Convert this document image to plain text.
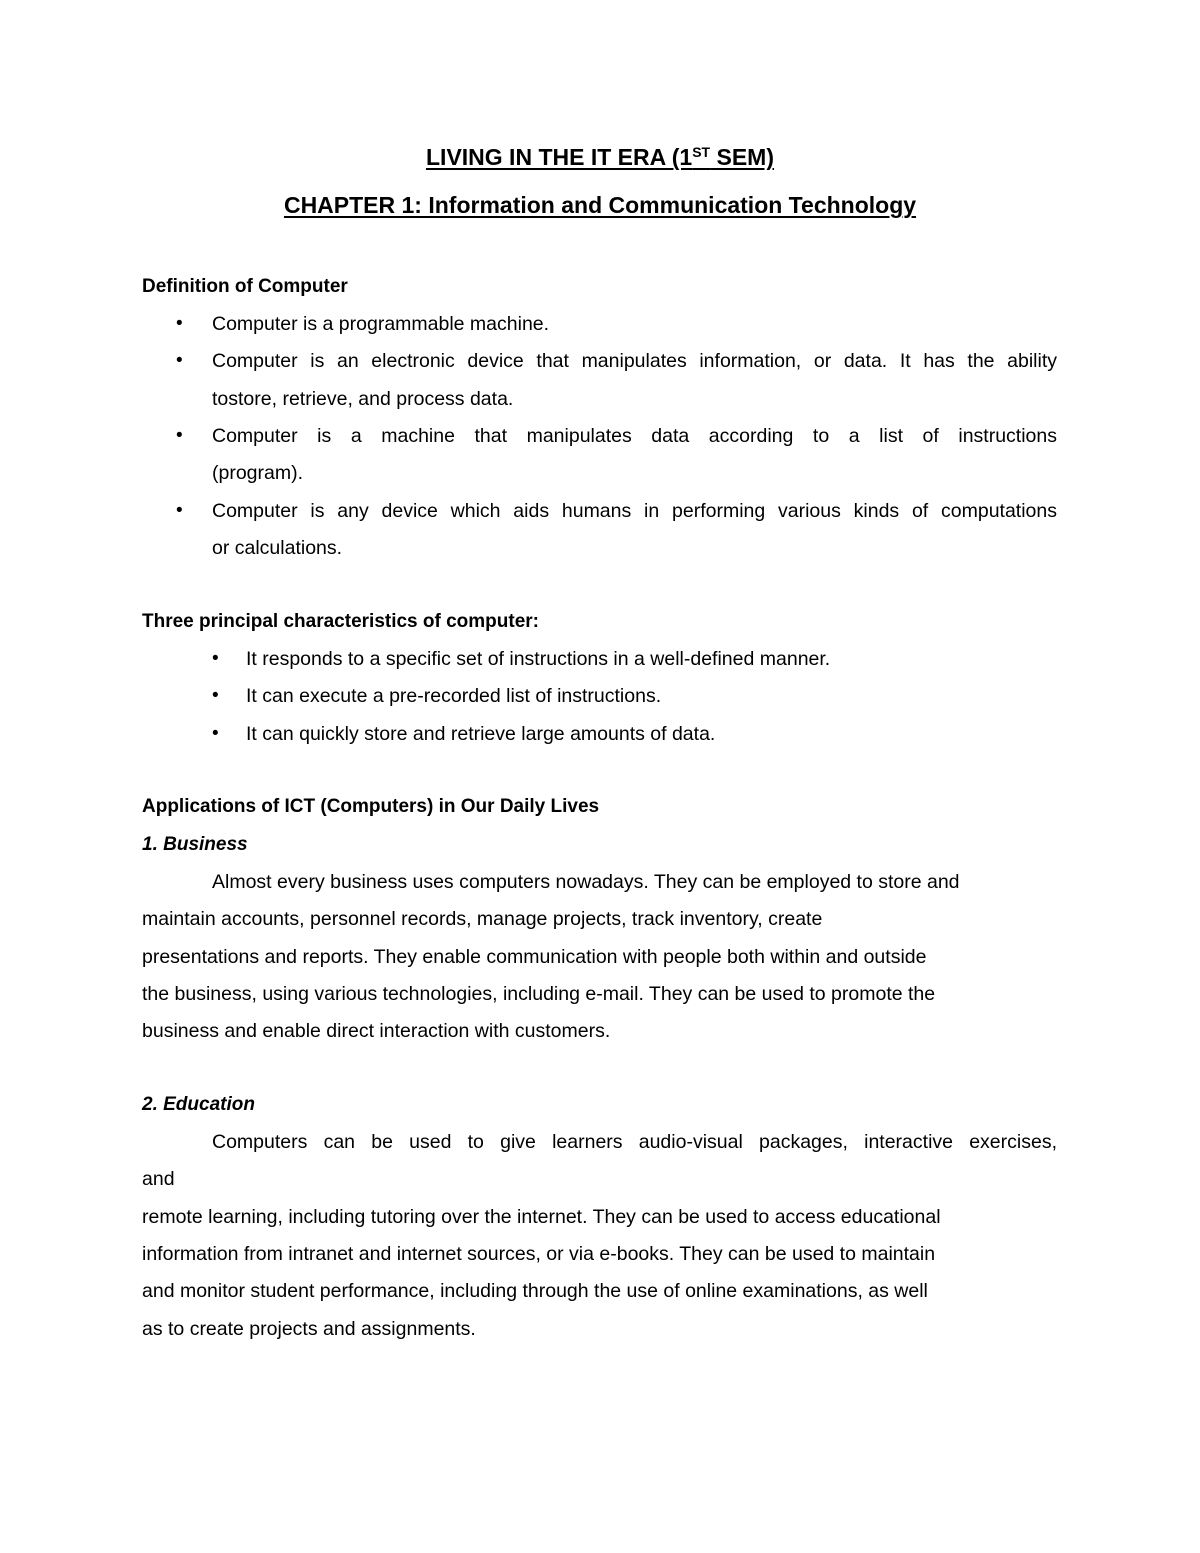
LIVING IN THE IT ERA (1ST SEM)
CHAPTER 1: Information and Communication Technology
Definition of Computer
• Computer is a programmable machine.
• Computer is an electronic device that manipulates information, or data. It has the ability
tostore, retrieve, and process data.
• Computer is a machine that manipulates data according to a list of instructions
(program).
• Computer is any device which aids humans in performing various kinds of computations
or calculations.
Three principal characteristics of computer:
• It responds to a specific set of instructions in a well-defined manner.
• It can execute a pre-recorded list of instructions.
• It can quickly store and retrieve large amounts of data.
Applications of ICT (Computers) in Our Daily Lives
1. Business
Almost every business uses computers nowadays. They can be employed to store and
maintain accounts, personnel records, manage projects, track inventory, create
presentations and reports. They enable communication with people both within and outside
the business, using various technologies, including e-mail. They can be used to promote the
business and enable direct interaction with customers.
2. Education
Computers can be used to give learners audio-visual packages, interactive exercises,
and
remote learning, including tutoring over the internet. They can be used to access educational
information from intranet and internet sources, or via e-books. They can be used to maintain
and monitor student performance, including through the use of online examinations, as well
as to create projects and assignments.
